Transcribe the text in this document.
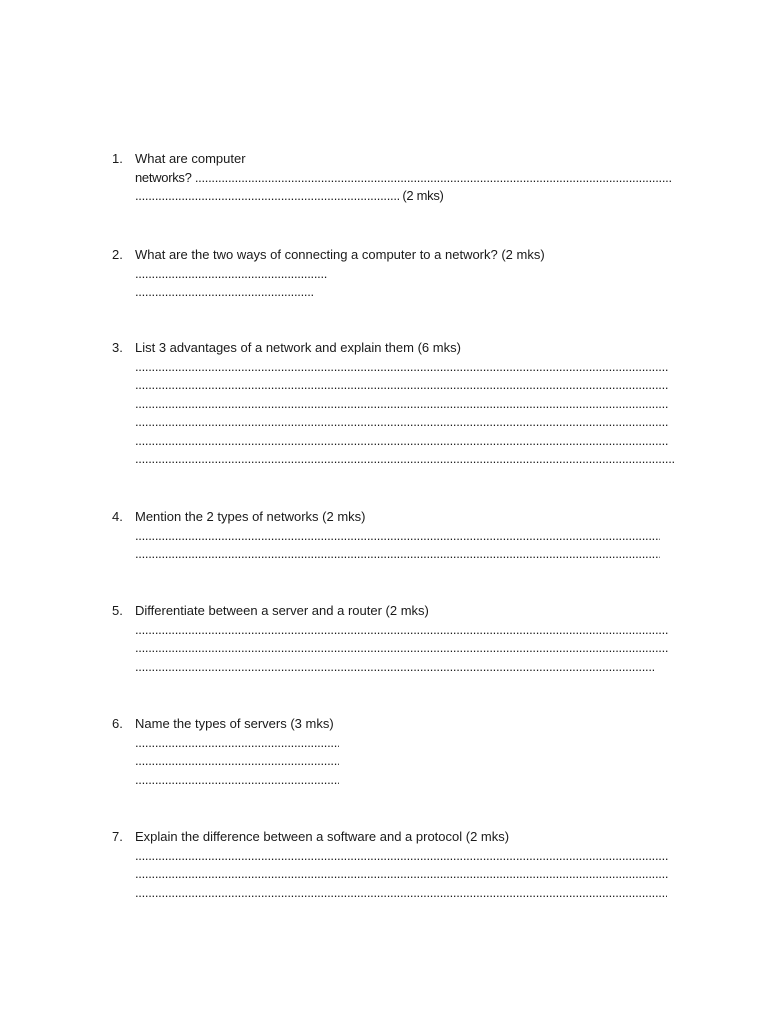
1. What are computer
networks? .....
..... (2 mks)
2. What are the two ways of connecting a computer to a network? (2 mks)
.....
.....
3. List 3 advantages of a network and explain them (6 mks)
.....
.....
.....
.....
.....
.....
4. Mention the 2 types of networks (2 mks)
.....
.....
5. Differentiate between a server and a router (2 mks)
.....
.....
.....
6. Name the types of servers (3 mks)
.....
.....
.....
7. Explain the difference between a software and a protocol (2 mks)
.....
.....
.....
